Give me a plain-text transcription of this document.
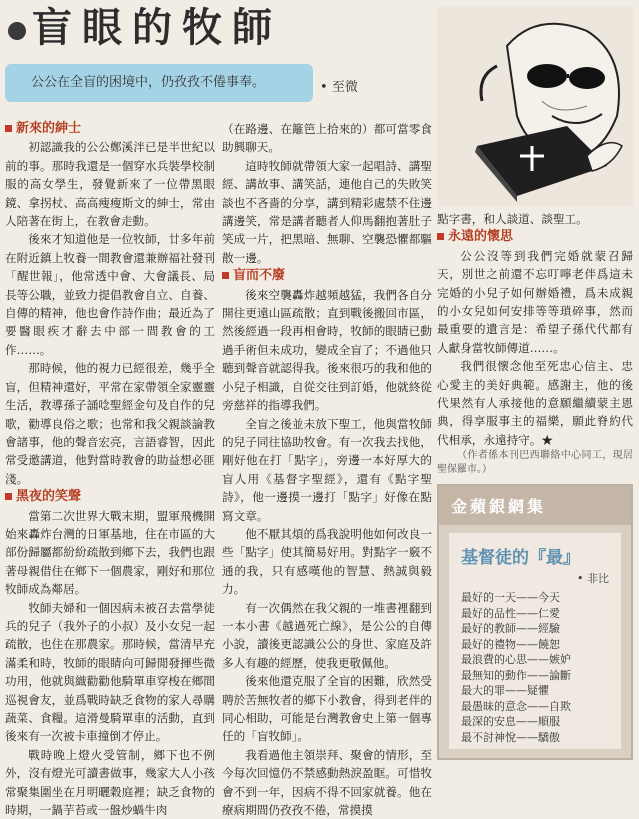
盲眼的牧師
公公在全盲的困境中，仍孜孜不倦事奉。	• 至微

新來的紳士

初認識我的公公鄭溪泮已是半世紀以前的事。那時我還是一個穿水兵裝學校制服的高女學生，發覺新來了一位帶黑眼鏡、拿拐杖、高高瘦瘦斯文的紳士，常由人陪著在街上，在教會走動。

後來才知道他是一位牧師，廿多年前在附近鎮上牧養一間教會還兼辦福社發刊「醒世報」，他常透中會、大會議長、局長等公職，並致力提倡教會自立、自養、自傳的精神，他也會作詩作曲；最近為了要醫眼疾才辭去中部一間教會的工作……。

那時候，他的視力已經很差，幾乎全盲，但精神還好，平常在家帶領全家靈靈生活，教導孫子誦唸聖經金句及自作的兒歌，勸導良俗之歌；也常和我父親談論教會諸事，他的聲音宏亮，言語睿智，因此常受邀講道，他對當時教會的助益想必匪淺。

黑夜的笑聲

當第二次世界大戰末期，盟軍飛機開始來轟炸台灣的日軍基地，住在市區的大部份歸屬都紛紛疏散到鄉下去，我們也跟著母親借住在鄉下一個農家，剛好和那位牧師成為鄰居。

牧師夫婦和一個因病未被召去當學徒兵的兒子（我外子的小叔）及小女兒一起疏散，也住在那農家。那時候，當清早充滿柔和時，牧師的眼睛向可歸閒發揮些微功用，他就與織勸勸他騎單車穿梭在鄉間巡視會友，並爲戰時缺乏食物的家人尋購蔬菜、食糧。這滑曼騎單車的活動，直到後來有一次被卡車撞倒才停止。

戰時晚上燈火受管制，鄉下也不例外，沒有燈光可讀書做事，幾家大人小孩常聚集圍坐在月明曬穀庭裡；缺乏食物的時期，一鍋芋苔或一盤炒蝸牛肉

（在路邊、在籬笆上拾來的）都可當零食助興聊天。

這時牧師就帶領大家一起唱詩、講聖經、講故事、講笑話，連他自己的失敗笑談也不吝嗇的分享，講到精彩處禁不住邊講邊笑，常是講者聽者人仰馬翻抱著肚子笑成一片，把黑暗、無聊、空襲恐懼都驅散一邊。

盲而不廢

後來空襲轟炸越頻越猛，我們各自分開往更遠山區疏散；直到戰後搬回市區，然後經過一段再相會時，牧師的眼睛已動過手術但未成功，變成全盲了；不過他只聽到聲音就認得我。後來很巧的我和他的小兒子相識，自從交往到訂婚，他就終從旁慈祥的指導我們。

全盲之後並未放下聖工，他與當牧師的兒子同往協助牧會。有一次我去找他，剛好他在打「點字」，旁邊一本好厚大的盲人用《基督字聖經》，還有《點字聖詩》，他一邊摸一邊打「點字」好像在點寫文章。

他不厭其煩的爲我說明他如何改良一些「點字」使其簡易好用。對點字一竅不通的我，只有感嘆他的智慧、熱誠與毅力。

有一次偶然在我父親的一堆書裡翻到一本小書《越過死亡線》，是公公的自傳小說，讀後更認識公公的身世、家庭及許多人有趣的經歷，使我更敬佩他。

後來他還克服了全盲的困難，欣然受聘於苦無牧者的鄉下小教會，得到老伴的同心相助，可能是台灣教會史上第一個專任的「盲牧師」。

我看過他主領崇拜、聚會的情形，至今每次回憶仍不禁感動熱淚盈眶。可惜牧會不到一年，因病不得不回家就養。他在療病期間仍孜孜不倦，常摸摸

點字書，和人談道、談聖工。

永遠的懷思

公公沒等到我們完婚就蒙召歸天，別世之前還不忘叮嚀老伴爲這未完婚的小兒子如何辦婚禮，爲未成親的小女兒如何安排等等瑣碎事，然而最重要的遺言是：希望子孫代代都有人獻身當牧師傳道……。

我們很懷念他至死忠心信主、忠心愛主的美好典範。感謝主，他的後代果然有人承接他的意願繼續蒙主恩典，得享服事主的福樂，願此脊約代代相承，永遠持守。★

（作者係本刊巴西聯絡中心同工，現居聖保羅市。）

金蘋銀網集
基督徒的『最』
• 非比
最好的一天——今天
最好的品性——仁愛
最好的教師——經驗
最好的禮物——饒恕
最浪費的心思——嫉妒
最無知的動作——論斷
最大的罪——疑懼
最愚昧的意念——自欺
最深的安息——順服
最不討神悅——驕傲
